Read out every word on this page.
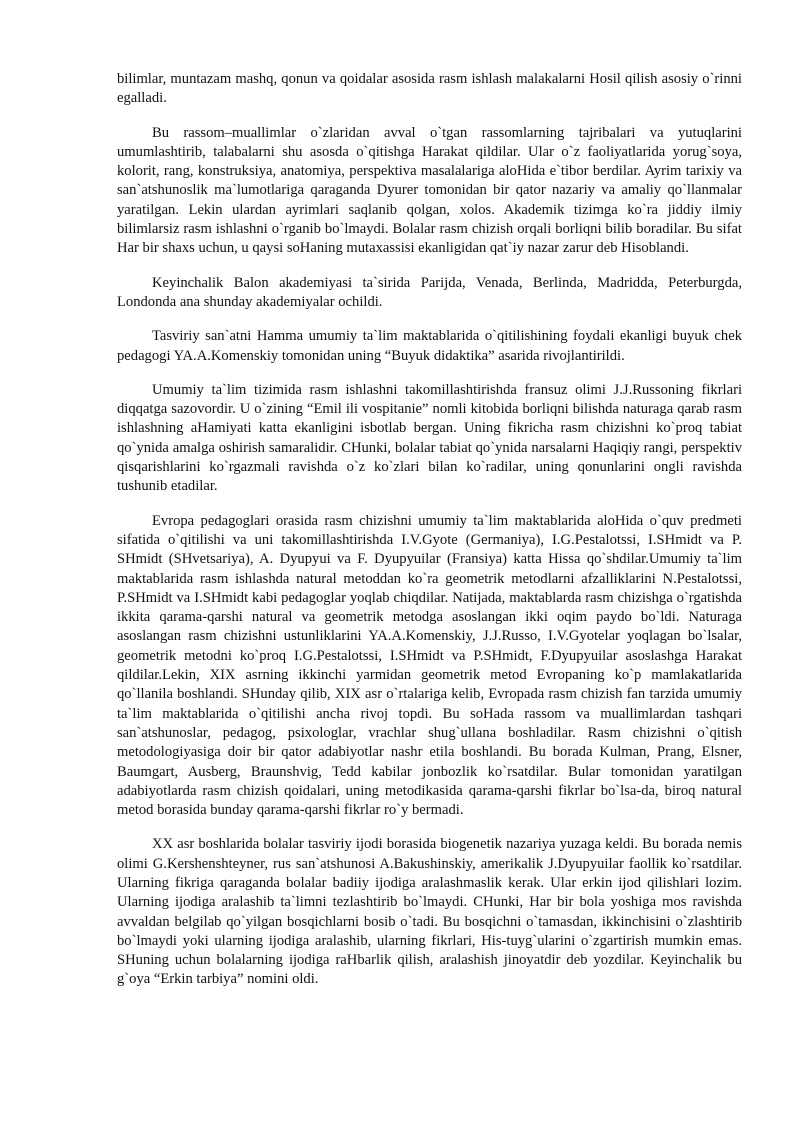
bilimlar, muntazam mashq, qonun va qoidalar asosida rasm ishlash malakalarni Hosil qilish asosiy o`rinni egalladi.

Bu rassom–muallimlar o`zlaridan avval o`tgan rassomlarning tajribalari va yutuqlarini umumlashtirib, talabalarni shu asosda o`qitishga Harakat qildilar. Ular o`z faoliyatlarida yorug`soya, kolorit, rang, konstruksiya, anatomiya, perspektiva masalalariga aloHida e`tibor berdilar. Ayrim tarixiy va san`atshunoslik ma`lumotlariga qaraganda Dyurer tomonidan bir qator nazariy va amaliy qo`llanmalar yaratilgan. Lekin ulardan ayrimlari saqlanib qolgan, xolos. Akademik tizimga ko`ra jiddiy ilmiy bilimlarsiz rasm ishlashni o`rganib bo`lmaydi. Bolalar rasm chizish orqali borliqni bilib boradilar. Bu sifat Har bir shaxs uchun, u qaysi soHaning mutaxassisi ekanligidan qat`iy nazar zarur deb Hisoblandi.

Keyinchalik Balon akademiyasi ta`sirida Parijda, Venada, Berlinda, Madridda, Peterburgda, Londonda ana shunday akademiyalar ochildi.

Tasviriy san`atni Hamma umumiy ta`lim maktablarida o`qitilishining foydali ekanligi buyuk chek pedagogi YA.A.Komenskiy tomonidan uning “Buyuk didaktika” asarida rivojlantirildi.

Umumiy ta`lim tizimida rasm ishlashni takomillashtirishda fransuz olimi J.J.Russoning fikrlari diqqatga sazovordir. U o`zining “Emil ili vospitanie” nomli kitobida borliqni bilishda naturaga qarab rasm ishlashning aHamiyati katta ekanligini isbotlab bergan. Uning fikricha rasm chizishni ko`proq tabiat qo`ynida amalga oshirish samaralidir. CHunki, bolalar tabiat qo`ynida narsalarni Haqiqiy rangi, perspektiv qisqarishlarini ko`rgazmali ravishda o`z ko`zlari bilan ko`radilar, uning qonunlarini ongli ravishda tushunib etadilar.

Evropa pedagoglari orasida rasm chizishni umumiy ta`lim maktablarida aloHida o`quv predmeti sifatida o`qitilishi va uni takomillashtirishda I.V.Gyote (Germaniya), I.G.Pestalotssi, I.SHmidt va P. SHmidt (SHvetsariya), A. Dyupyui va F. Dyupyuilar (Fransiya) katta Hissa qo`shdilar.Umumiy ta`lim maktablarida rasm ishlashda natural metoddan ko`ra geometrik metodlarni afzalliklarini N.Pestalotssi, P.SHmidt va I.SHmidt kabi pedagoglar yoqlab chiqdilar. Natijada, maktablarda rasm chizishga o`rgatishda ikkita qarama-qarshi natural va geometrik metodga asoslangan ikki oqim paydo bo`ldi. Naturaga asoslangan rasm chizishni ustunliklarini YA.A.Komenskiy, J.J.Russo, I.V.Gyotelar yoqlagan bo`lsalar, geometrik metodni ko`proq I.G.Pestalotssi, I.SHmidt va P.SHmidt, F.Dyupyuilar asoslashga Harakat qildilar.Lekin, XIX asrning ikkinchi yarmidan geometrik metod Evropaning ko`p mamlakatlarida qo`llanila boshlandi. SHunday qilib, XIX asr o`rtalariga kelib, Evropada rasm chizish fan tarzida umumiy ta`lim maktablarida o`qitilishi ancha rivoj topdi. Bu soHada rassom va muallimlardan tashqari san`atshunoslar, pedagog, psixologlar, vrachlar shug`ullana boshladilar. Rasm chizishni o`qitish metodologiyasiga doir bir qator adabiyotlar nashr etila boshlandi. Bu borada Kulman, Prang, Elsner, Baumgart, Ausberg, Braunshvig, Tedd kabilar jonbozlik ko`rsatdilar. Bular tomonidan yaratilgan adabiyotlarda rasm chizish qoidalari, uning metodikasida qarama-qarshi fikrlar bo`lsa-da, biroq natural metod borasida bunday qarama-qarshi fikrlar ro`y bermadi.

XX asr boshlarida bolalar tasviriy ijodi borasida biogenetik nazariya yuzaga keldi. Bu borada nemis olimi G.Kershenshteyner, rus san`atshunosi A.Bakushinskiy, amerikalik J.Dyupyuilar faollik ko`rsatdilar. Ularning fikriga qaraganda bolalar badiiy ijodiga aralashmaslik kerak. Ular erkin ijod qilishlari lozim. Ularning ijodiga aralashib ta`limni tezlashtirib bo`lmaydi. CHunki, Har bir bola yoshiga mos ravishda avvaldan belgilab qo`yilgan bosqichlarni bosib o`tadi. Bu bosqichni o`tamasdan, ikkinchisini o`zlashtirib bo`lmaydi yoki ularning ijodiga aralashib, ularning fikrlari, His-tuyg`ularini o`zgartirish mumkin emas. SHuning uchun bolalarning ijodiga raHbarlik qilish, aralashish jinoyatdir deb yozdilar. Keyinchalik bu g`oya “Erkin tarbiya” nomini oldi.
